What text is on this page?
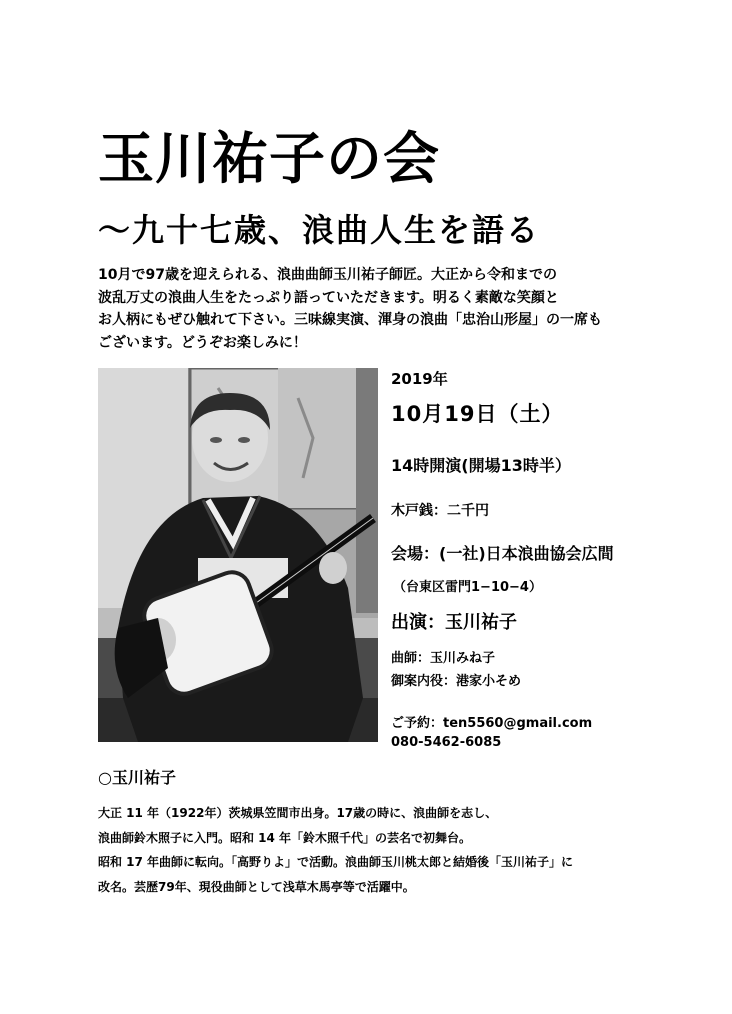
玉川祐子の会
〜九十七歳、浪曲人生を語る
10月で97歳を迎えられる、浪曲曲師玉川祐子師匠。大正から令和までの
波乱万丈の浪曲人生をたっぷり語っていただきます。明るく素敵な笑顔と
お人柄にもぜひ触れて下さい。三味線実演、渾身の浪曲「忠治山形屋」の一席も
ございます。どうぞお楽しみに！
2019年
10月19日（土）
14時開演(開場13時半）
木戸銭：二千円
会場：(一社)日本浪曲協会広間
（台東区雷門1−10−4）
出演：玉川祐子
曲師：玉川みね子
御案内役：港家小そめ
ご予約：ten5560@gmail.com
080-5462-6085
○玉川祐子
大正 11 年（1922年）茨城県笠間市出身。17歳の時に、浪曲師を志し、
浪曲師鈴木照子に入門。昭和 14 年「鈴木照千代」の芸名で初舞台。
昭和 17 年曲師に転向。「高野りよ」で活動。浪曲師玉川桃太郎と結婚後「玉川祐子」に
改名。芸歴79年、現役曲師として浅草木馬亭等で活躍中。
